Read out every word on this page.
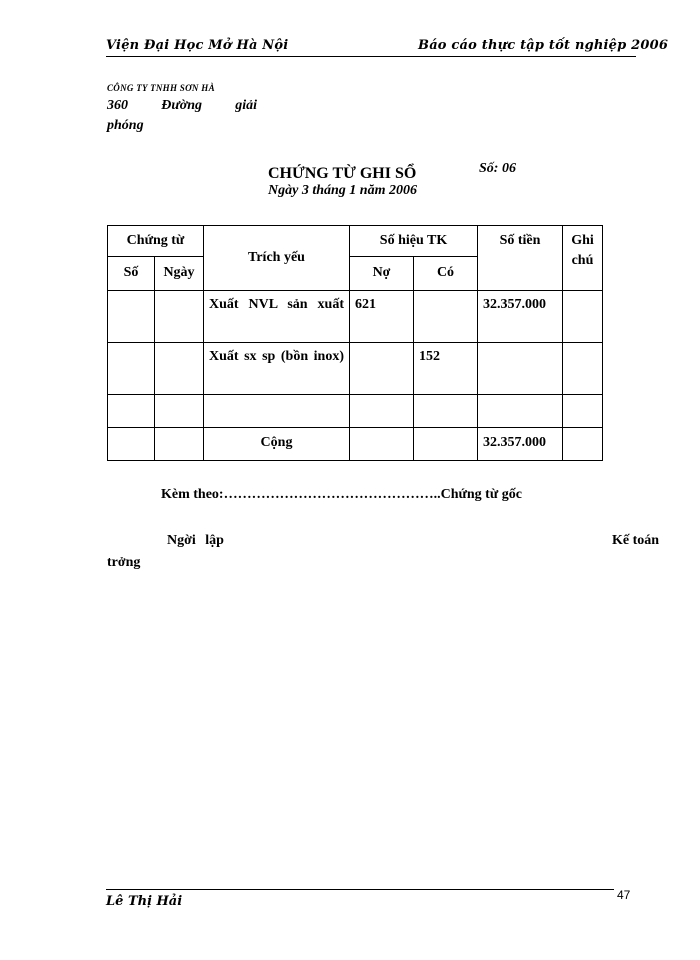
Viện Đại Học Mở Hà Nội	Báo cáo thực tập tốt nghiệp 2006
CÔNG TY TNHH SƠN HÀ
360 Đường giải
phóng
CHỨNG TỪ GHI SỔ	Số: 06
Ngày 3 tháng 1 năm 2006
Chứng từ		Trích yếu	Số hiệu TK		Số tiền	Ghi chú
Số	Ngày		Nợ	Có		
		Xuất NVL sản xuất	621		32.357.000	
		Xuất sx sp (bồn inox)		152		

		Cộng			32.357.000	
Kèm theo:………………………………………..Chứng từ gốc
Ngời lập	Kế toán
trởng
Lê Thị Hải	47
